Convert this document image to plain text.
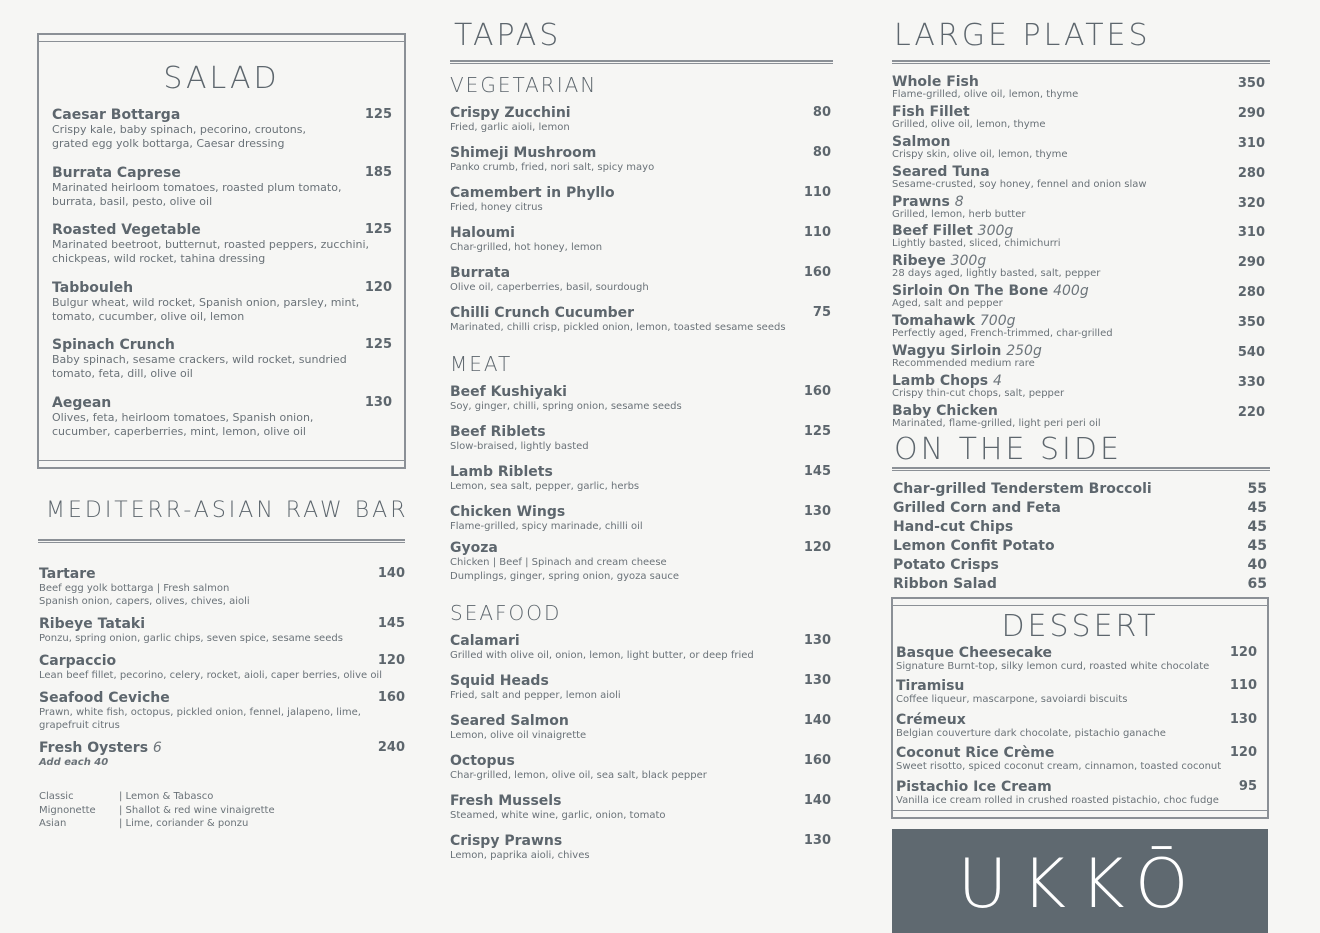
SALAD
Caesar Bottarga	125
Crispy kale, baby spinach, pecorino, croutons,
grated egg yolk bottarga, Caesar dressing
Burrata Caprese	185
Marinated heirloom tomatoes, roasted plum tomato,
burrata, basil, pesto, olive oil
Roasted Vegetable	125
Marinated beetroot, butternut, roasted peppers, zucchini,
chickpeas, wild rocket, tahina dressing
Tabbouleh	120
Bulgur wheat, wild rocket, Spanish onion, parsley, mint,
tomato, cucumber, olive oil, lemon
Spinach Crunch	125
Baby spinach, sesame crackers, wild rocket, sundried
tomato, feta, dill, olive oil
Aegean	130
Olives, feta, heirloom tomatoes, Spanish onion,
cucumber, caperberries, mint, lemon, olive oil
MEDITERR-ASIAN RAW BAR
Tartare	140
Beef egg yolk bottarga | Fresh salmon
Spanish onion, capers, olives, chives, aioli
Ribeye Tataki	145
Ponzu, spring onion, garlic chips, seven spice, sesame seeds
Carpaccio	120
Lean beef fillet, pecorino, celery, rocket, aioli, caper berries, olive oil
Seafood Ceviche	160
Prawn, white fish, octopus, pickled onion, fennel, jalapeno, lime,
grapefruit citrus
Fresh Oysters 6	240
Add each 40
Classic	| Lemon & Tabasco
Mignonette	| Shallot & red wine vinaigrette
Asian	| Lime, coriander & ponzu
TAPAS
VEGETARIAN
Crispy Zucchini	80
Fried, garlic aioli, lemon
Shimeji Mushroom	80
Panko crumb, fried, nori salt, spicy mayo
Camembert in Phyllo	110
Fried, honey citrus
Haloumi	110
Char-grilled, hot honey, lemon
Burrata	160
Olive oil, caperberries, basil, sourdough
Chilli Crunch Cucumber	75
Marinated, chilli crisp, pickled onion, lemon, toasted sesame seeds
MEAT
Beef Kushiyaki	160
Soy, ginger, chilli, spring onion, sesame seeds
Beef Riblets	125
Slow-braised, lightly basted
Lamb Riblets	145
Lemon, sea salt, pepper, garlic, herbs
Chicken Wings	130
Flame-grilled, spicy marinade, chilli oil
Gyoza	120
Chicken | Beef | Spinach and cream cheese
Dumplings, ginger, spring onion, gyoza sauce
SEAFOOD
Calamari	130
Grilled with olive oil, onion, lemon, light butter, or deep fried
Squid Heads	130
Fried, salt and pepper, lemon aioli
Seared Salmon	140
Lemon, olive oil vinaigrette
Octopus	160
Char-grilled, lemon, olive oil, sea salt, black pepper
Fresh Mussels	140
Steamed, white wine, garlic, onion, tomato
Crispy Prawns	130
Lemon, paprika aioli, chives
LARGE PLATES
Whole Fish	350
Flame-grilled, olive oil, lemon, thyme
Fish Fillet	290
Grilled, olive oil, lemon, thyme
Salmon	310
Crispy skin, olive oil, lemon, thyme
Seared Tuna	280
Sesame-crusted, soy honey, fennel and onion slaw
Prawns 8	320
Grilled, lemon, herb butter
Beef Fillet 300g	310
Lightly basted, sliced, chimichurri
Ribeye 300g	290
28 days aged, lightly basted, salt, pepper
Sirloin On The Bone 400g	280
Aged, salt and pepper
Tomahawk 700g	350
Perfectly aged, French-trimmed, char-grilled
Wagyu Sirloin 250g	540
Recommended medium rare
Lamb Chops 4	330
Crispy thin-cut chops, salt, pepper
Baby Chicken	220
Marinated, flame-grilled, light peri peri oil
ON THE SIDE
Char-grilled Tenderstem Broccoli	55
Grilled Corn and Feta	45
Hand-cut Chips	45
Lemon Confit Potato	45
Potato Crisps	40
Ribbon Salad	65
DESSERT
Basque Cheesecake	120
Signature Burnt-top, silky lemon curd, roasted white chocolate
Tiramisu	110
Coffee liqueur, mascarpone, savoiardi biscuits
Crémeux	130
Belgian couverture dark chocolate, pistachio ganache
Coconut Rice Crème	120
Sweet risotto, spiced coconut cream, cinnamon, toasted coconut
Pistachio Ice Cream	95
Vanilla ice cream rolled in crushed roasted pistachio, choc fudge
UKKŌ
